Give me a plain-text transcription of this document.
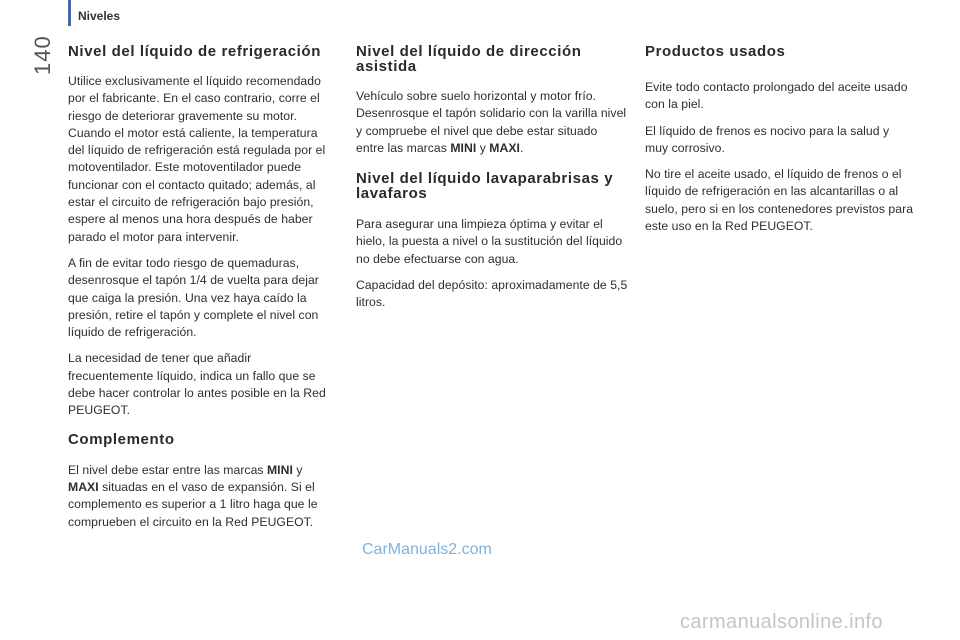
Niveles
140 Nivel del líquido de refrigeración

Utilice exclusivamente el líquido recomendado por el fabricante. En el caso contrario, corre el riesgo de deteriorar gravemente su motor. Cuando el motor está caliente, la temperatura del líquido de refrigeración está regulada por el motoventilador. Este motoventilador puede funcionar con el contacto quitado; además, al estar el circuito de refrigeración bajo presión, espere al menos una hora después de haber parado el motor para intervenir.

A fin de evitar todo riesgo de quemaduras, desenrosque el tapón 1/4 de vuelta para dejar que caiga la presión. Una vez haya caído la presión, retire el tapón y complete el nivel con líquido de refrigeración.

La necesidad de tener que añadir frecuentemente líquido, indica un fallo que se debe hacer controlar lo antes posible en la Red PEUGEOT.

Complemento

El nivel debe estar entre las marcas MINI y MAXI situadas en el vaso de expansión. Si el complemento es superior a 1 litro haga que le comprueben el circuito en la Red PEUGEOT.

Nivel del líquido de dirección asistida

Vehículo sobre suelo horizontal y motor frío. Desenrosque el tapón solidario con la varilla nivel y compruebe el nivel que debe estar situado entre las marcas MINI y MAXI.

Nivel del líquido lavaparabrisas y lavafaros

Para asegurar una limpieza óptima y evitar el hielo, la puesta a nivel o la sustitución del líquido no debe efectuarse con agua.

Capacidad del depósito: aproximadamente de 5,5 litros.

Productos usados

Evite todo contacto prolongado del aceite usado con la piel.

El líquido de frenos es nocivo para la salud y muy corrosivo.

No tire el aceite usado, el líquido de frenos o el líquido de refrigeración en las alcantarillas o al suelo, pero si en los contenedores previstos para este uso en la Red PEUGEOT.

CarManuals2.com
carmanualsonline.info
